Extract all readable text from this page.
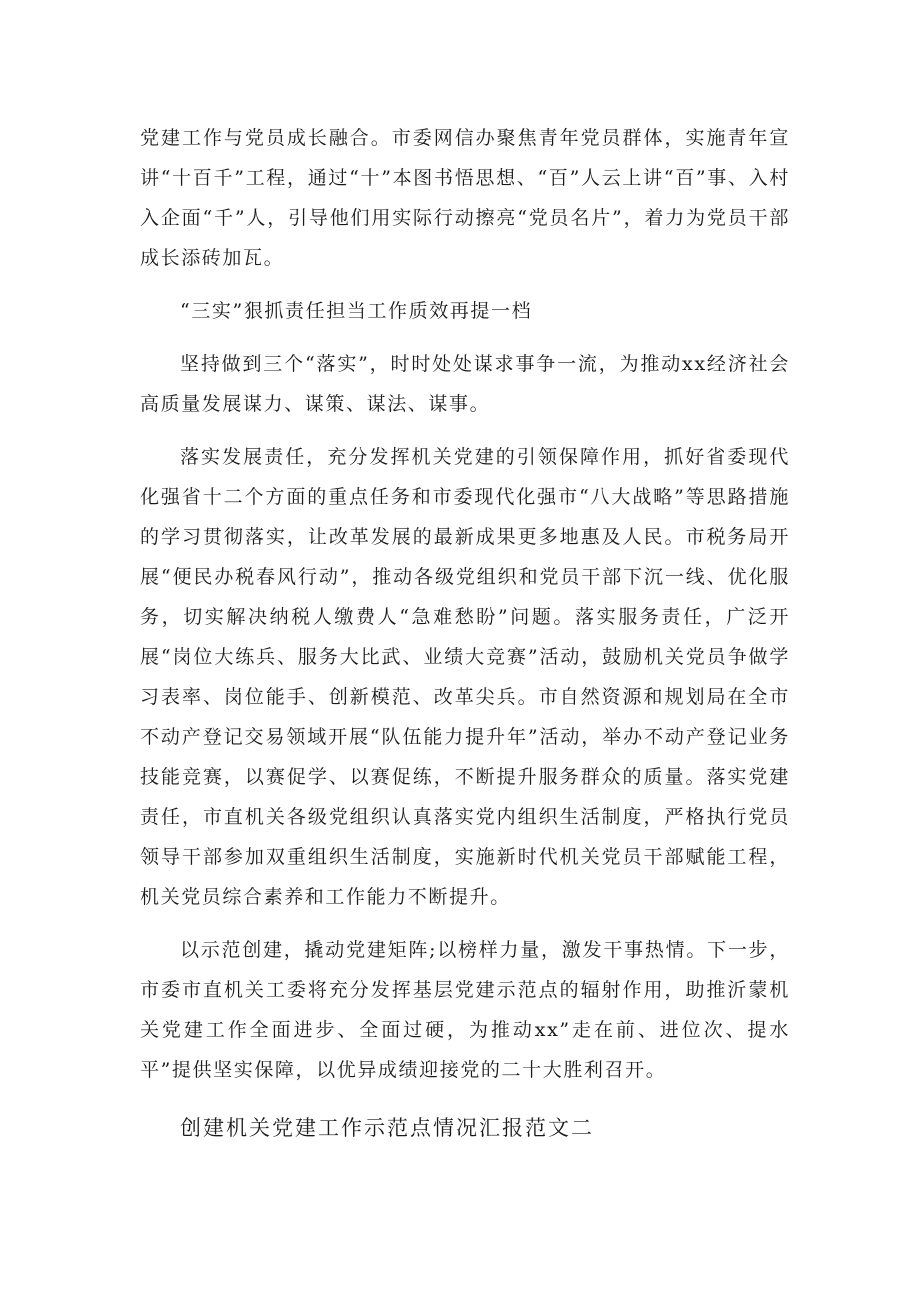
党建工作与党员成长融合。市委网信办聚焦青年党员群体，实施青年宣讲“十百千”工程，通过“十”本图书悟思想、“百”人云上讲“百”事、入村入企面“千”人，引导他们用实际行动擦亮“党员名片”，着力为党员干部成长添砖加瓦。

“三实”狠抓责任担当工作质效再提一档

坚持做到三个“落实”，时时处处谋求事争一流，为推动xx经济社会高质量发展谋力、谋策、谋法、谋事。

落实发展责任，充分发挥机关党建的引领保障作用，抓好省委现代化强省十二个方面的重点任务和市委现代化强市“八大战略”等思路措施的学习贯彻落实，让改革发展的最新成果更多地惠及人民。市税务局开展“便民办税春风行动”，推动各级党组织和党员干部下沉一线、优化服务，切实解决纳税人缴费人“急难愁盼”问题。落实服务责任，广泛开展“岗位大练兵、服务大比武、业绩大竞赛”活动，鼓励机关党员争做学习表率、岗位能手、创新模范、改革尖兵。市自然资源和规划局在全市不动产登记交易领域开展“队伍能力提升年”活动，举办不动产登记业务技能竞赛，以赛促学、以赛促练，不断提升服务群众的质量。落实党建责任，市直机关各级党组织认真落实党内组织生活制度，严格执行党员领导干部参加双重组织生活制度，实施新时代机关党员干部赋能工程，机关党员综合素养和工作能力不断提升。

以示范创建，撬动党建矩阵;以榜样力量，激发干事热情。下一步，市委市直机关工委将充分发挥基层党建示范点的辐射作用，助推沂蒙机关党建工作全面进步、全面过硬，为推动xx”走在前、进位次、提水平”提供坚实保障，以优异成绩迎接党的二十大胜利召开。

创建机关党建工作示范点情况汇报范文二
